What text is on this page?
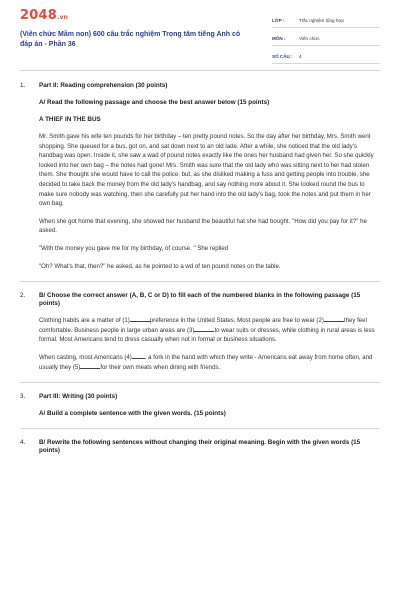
2048.vn
(Viên chức Mầm non) 600 câu trắc nghiệm Trọng tâm tiếng Anh có đáp án - Phần 36
LỚP :	Trắc nghiệm tổng hợp
MÔN :	Viên chức
SỐ CÂU :	4
1.	Part II: Reading comprehension (30 points)
A/ Read the following passage and choose the best answer below (15 points)
A THIEF IN THE BUS
Mr. Smith gave his wife ten pounds for her birthday – ten pretty pound notes. So the day after her birthday, Mrs. Smith went shopping. She queued for a bus, got on, and sat down next to an old lade. After a while, she noticed that the old lady's handbag was open. Inside it, she saw a wad of pound notes exactly like the ones her husband had given her. So she quickly looked into her own bag – the notes had gone! Mrs. Smith was sure that the old lady who was sitting next to her had stolen them. She thought she would have to call the police, but, as she disliked making a fuss and getting people into trouble, she decided to take back the money from the old lady's handbag, and say nothing more about it. She looked round the bus to make sure nobody was watching, then she carefully put her hand into the old lady's bag, took the notes and put them in her own bag.
When she got home that evening, she showed her husband the beautiful hat she had bought. "How did you pay for it?" he asked.
"With the money you gave me for my birthday, of course. " She replied
"Oh? What's that, then?" he asked, as he pointed to a wd of ten pound notes on the table.
2.	B/ Choose the correct answer (A, B, C or D) to fill each of the numbered blanks in the following passage (15 points)
Clothing habits are a matter of (1)	preference in the United States. Most people are free to wear (2)	they feel comfortable. Business people in large urban areas are (3)	to wear suits or dresses, while clothing in rural areas is less formal. Most Americans tend to dress casually when not in formal or business situations.
When casting, most Americans (4) . a fork in the hand with which they write - Americans eat away from home often, and usually they (5)	for their own meals when dining with friends.
3.	Part III: Writing (30 points)
A/ Build a complete sentence with the given words. (15 points)
4.	B/ Rewrite the following sentences without changing their original meaning. Begin with the given words (15 points)
